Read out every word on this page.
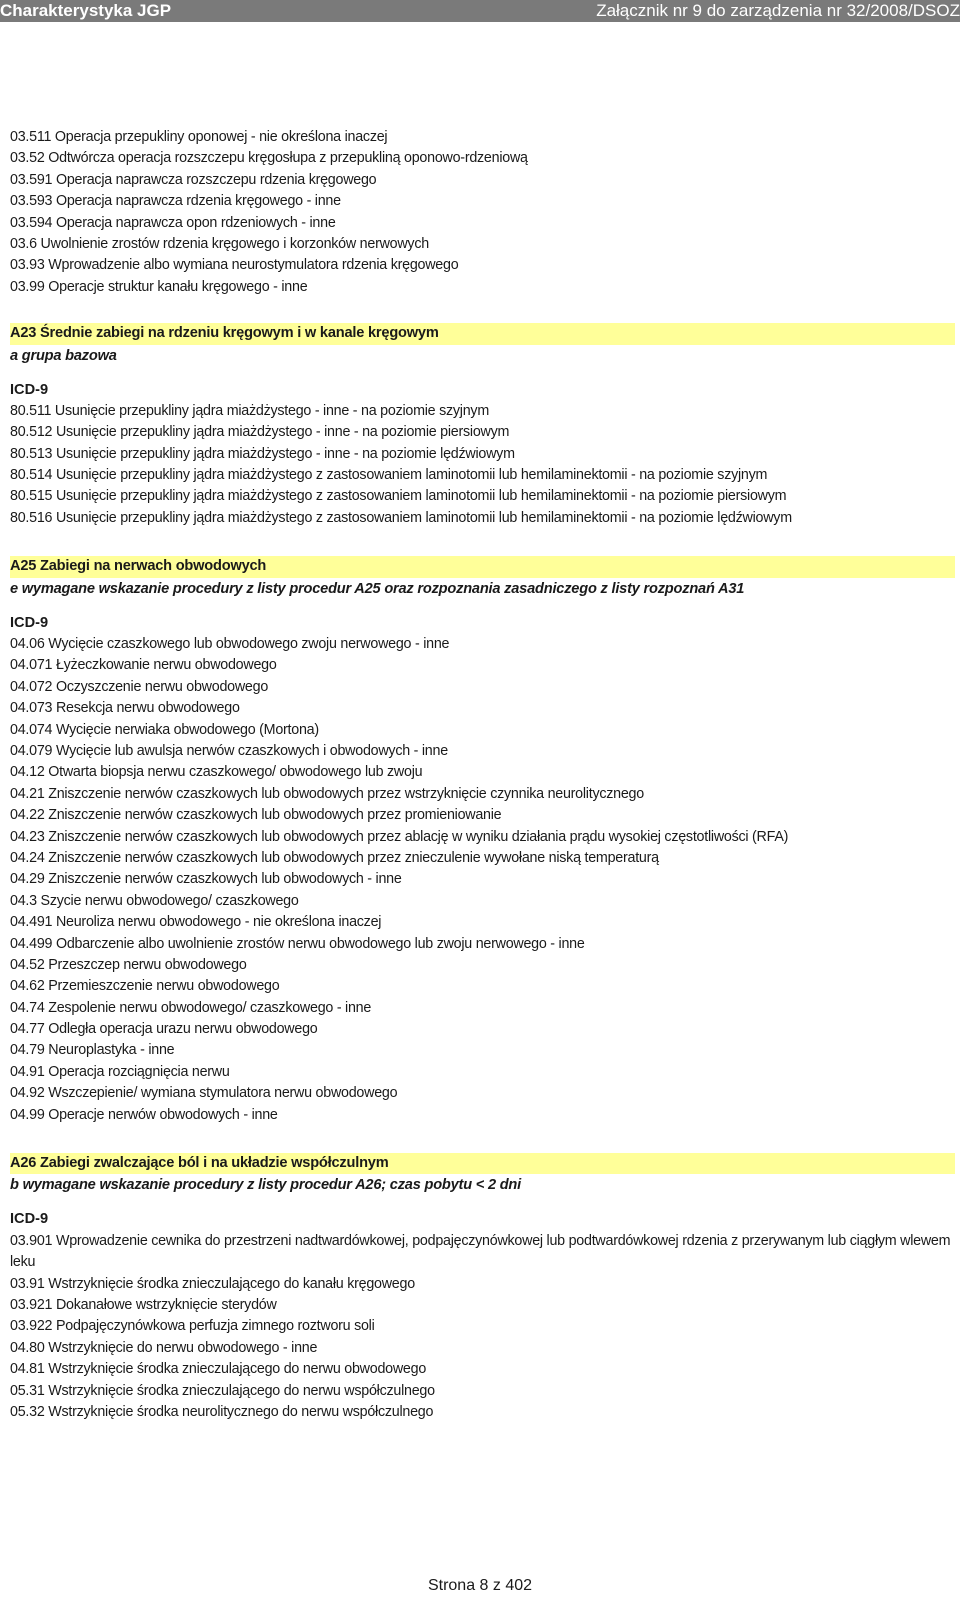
Charakterystyka JGP	Załącznik nr 9 do zarządzenia nr 32/2008/DSOZ
03.511 Operacja przepukliny oponowej - nie określona inaczej
03.52 Odtwórcza operacja rozszczepu kręgosłupa z przepukliną oponowo-rdzeniową
03.591 Operacja naprawcza rozszczepu rdzenia kręgowego
03.593 Operacja naprawcza rdzenia kręgowego - inne
03.594 Operacja naprawcza opon rdzeniowych - inne
03.6 Uwolnienie zrostów rdzenia kręgowego i korzonków nerwowych
03.93 Wprowadzenie albo wymiana neurostymulatora rdzenia kręgowego
03.99 Operacje struktur kanału kręgowego - inne
A23 Średnie zabiegi na rdzeniu kręgowym i w kanale kręgowym
a grupa bazowa
ICD-9
80.511 Usunięcie przepukliny jądra miażdżystego - inne - na poziomie szyjnym
80.512 Usunięcie przepukliny jądra miażdżystego - inne - na poziomie piersiowym
80.513 Usunięcie przepukliny jądra miażdżystego - inne - na poziomie lędźwiowym
80.514 Usunięcie przepukliny jądra miażdżystego z zastosowaniem laminotomii lub hemilaminektomii - na poziomie szyjnym
80.515 Usunięcie przepukliny jądra miażdżystego z zastosowaniem laminotomii lub hemilaminektomii - na poziomie piersiowym
80.516 Usunięcie przepukliny jądra miażdżystego z zastosowaniem laminotomii lub hemilaminektomii - na poziomie lędźwiowym
A25 Zabiegi na nerwach obwodowych
e wymagane wskazanie procedury z listy procedur A25 oraz rozpoznania zasadniczego z listy rozpoznań A31
ICD-9
04.06 Wycięcie czaszkowego lub obwodowego zwoju nerwowego - inne
04.071 Łyżeczkowanie nerwu obwodowego
04.072 Oczyszczenie nerwu obwodowego
04.073 Resekcja nerwu obwodowego
04.074 Wycięcie nerwiaka obwodowego (Mortona)
04.079 Wycięcie lub awulsja nerwów czaszkowych i obwodowych - inne
04.12 Otwarta biopsja nerwu czaszkowego/ obwodowego lub zwoju
04.21 Zniszczenie nerwów czaszkowych lub obwodowych przez wstrzyknięcie czynnika neurolitycznego
04.22 Zniszczenie nerwów czaszkowych lub obwodowych przez promieniowanie
04.23 Zniszczenie nerwów czaszkowych lub obwodowych przez ablację w wyniku działania prądu wysokiej częstotliwości (RFA)
04.24 Zniszczenie nerwów czaszkowych lub obwodowych przez znieczulenie wywołane niską temperaturą
04.29 Zniszczenie nerwów czaszkowych lub obwodowych - inne
04.3 Szycie nerwu obwodowego/ czaszkowego
04.491 Neuroliza nerwu obwodowego - nie określona inaczej
04.499 Odbarczenie albo uwolnienie zrostów nerwu obwodowego lub zwoju nerwowego - inne
04.52 Przeszczep nerwu obwodowego
04.62 Przemieszczenie nerwu obwodowego
04.74 Zespolenie nerwu obwodowego/ czaszkowego - inne
04.77 Odległa operacja urazu nerwu obwodowego
04.79 Neuroplastyka - inne
04.91 Operacja rozciągnięcia nerwu
04.92 Wszczepienie/ wymiana stymulatora nerwu obwodowego
04.99 Operacje nerwów obwodowych - inne
A26 Zabiegi zwalczające ból i na układzie współczulnym
b wymagane wskazanie procedury z listy procedur A26; czas pobytu < 2 dni
ICD-9
03.901 Wprowadzenie cewnika do przestrzeni nadtwardówkowej, podpajęczynówkowej lub podtwardówkowej rdzenia z przerywanym lub ciągłym wlewem leku
03.91 Wstrzyknięcie środka znieczulającego do kanału kręgowego
03.921 Dokanałowe wstrzyknięcie sterydów
03.922 Podpajęczynówkowa perfuzja zimnego roztworu soli
04.80 Wstrzyknięcie do nerwu obwodowego - inne
04.81 Wstrzyknięcie środka znieczulającego do nerwu obwodowego
05.31 Wstrzyknięcie środka znieczulającego do nerwu współczulnego
05.32 Wstrzyknięcie środka neurolitycznego do nerwu współczulnego
Strona 8 z 402
